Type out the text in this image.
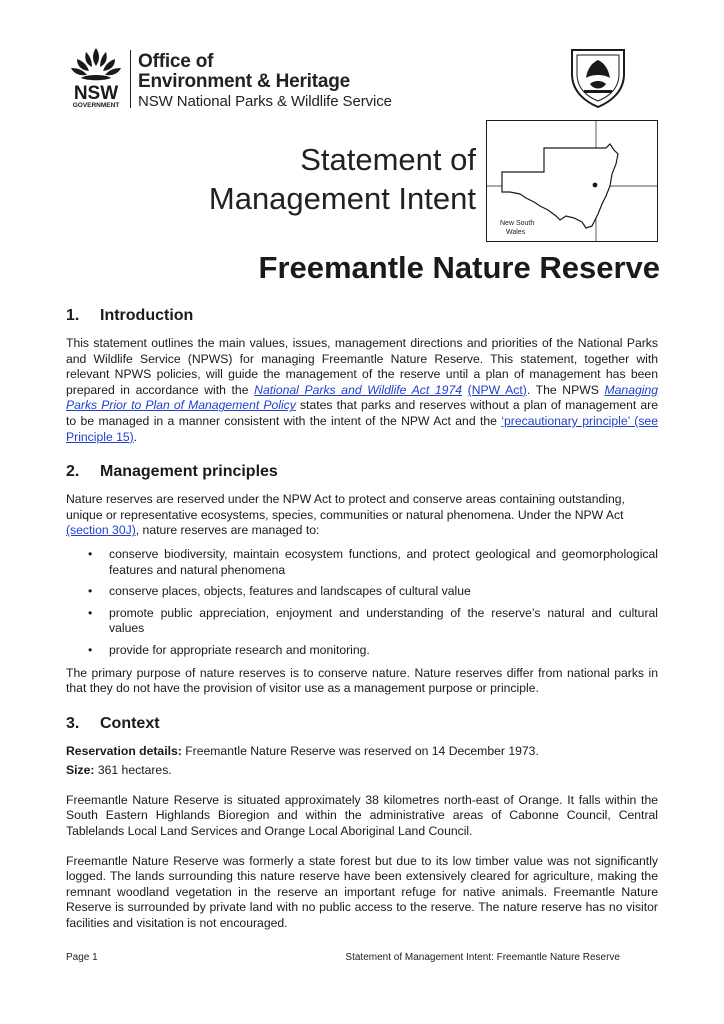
NSW
GOVERNMENT
Office of
Environment & Heritage
NSW National Parks & Wildlife Service
Statement of
Management Intent
New South
Wales
Freemantle Nature Reserve
1. Introduction

This statement outlines the main values, issues, management directions and priorities of the National Parks and Wildlife Service (NPWS) for managing Freemantle Nature Reserve. This statement, together with relevant NPWS policies, will guide the management of the reserve until a plan of management has been prepared in accordance with the National Parks and Wildlife Act 1974 (NPW Act). The NPWS Managing Parks Prior to Plan of Management Policy states that parks and reserves without a plan of management are to be managed in a manner consistent with the intent of the NPW Act and the ‘precautionary principle’ (see Principle 15).

2. Management principles

Nature reserves are reserved under the NPW Act to protect and conserve areas containing outstanding, unique or representative ecosystems, species, communities or natural phenomena. Under the NPW Act (section 30J), nature reserves are managed to:

• conserve biodiversity, maintain ecosystem functions, and protect geological and geomorphological features and natural phenomena
• conserve places, objects, features and landscapes of cultural value
• promote public appreciation, enjoyment and understanding of the reserve’s natural and cultural values
• provide for appropriate research and monitoring.

The primary purpose of nature reserves is to conserve nature. Nature reserves differ from national parks in that they do not have the provision of visitor use as a management purpose or principle.

3. Context

Reservation details: Freemantle Nature Reserve was reserved on 14 December 1973.

Size: 361 hectares.

Freemantle Nature Reserve is situated approximately 38 kilometres north-east of Orange. It falls within the South Eastern Highlands Bioregion and within the administrative areas of Cabonne Council, Central Tablelands Local Land Services and Orange Local Aboriginal Land Council.

Freemantle Nature Reserve was formerly a state forest but due to its low timber value was not significantly logged. The lands surrounding this nature reserve have been extensively cleared for agriculture, making the remnant woodland vegetation in the reserve an important refuge for native animals. Freemantle Nature Reserve is surrounded by private land with no public access to the reserve. The nature reserve has no visitor facilities and visitation is not encouraged.

Page 1	Statement of Management Intent: Freemantle Nature Reserve
